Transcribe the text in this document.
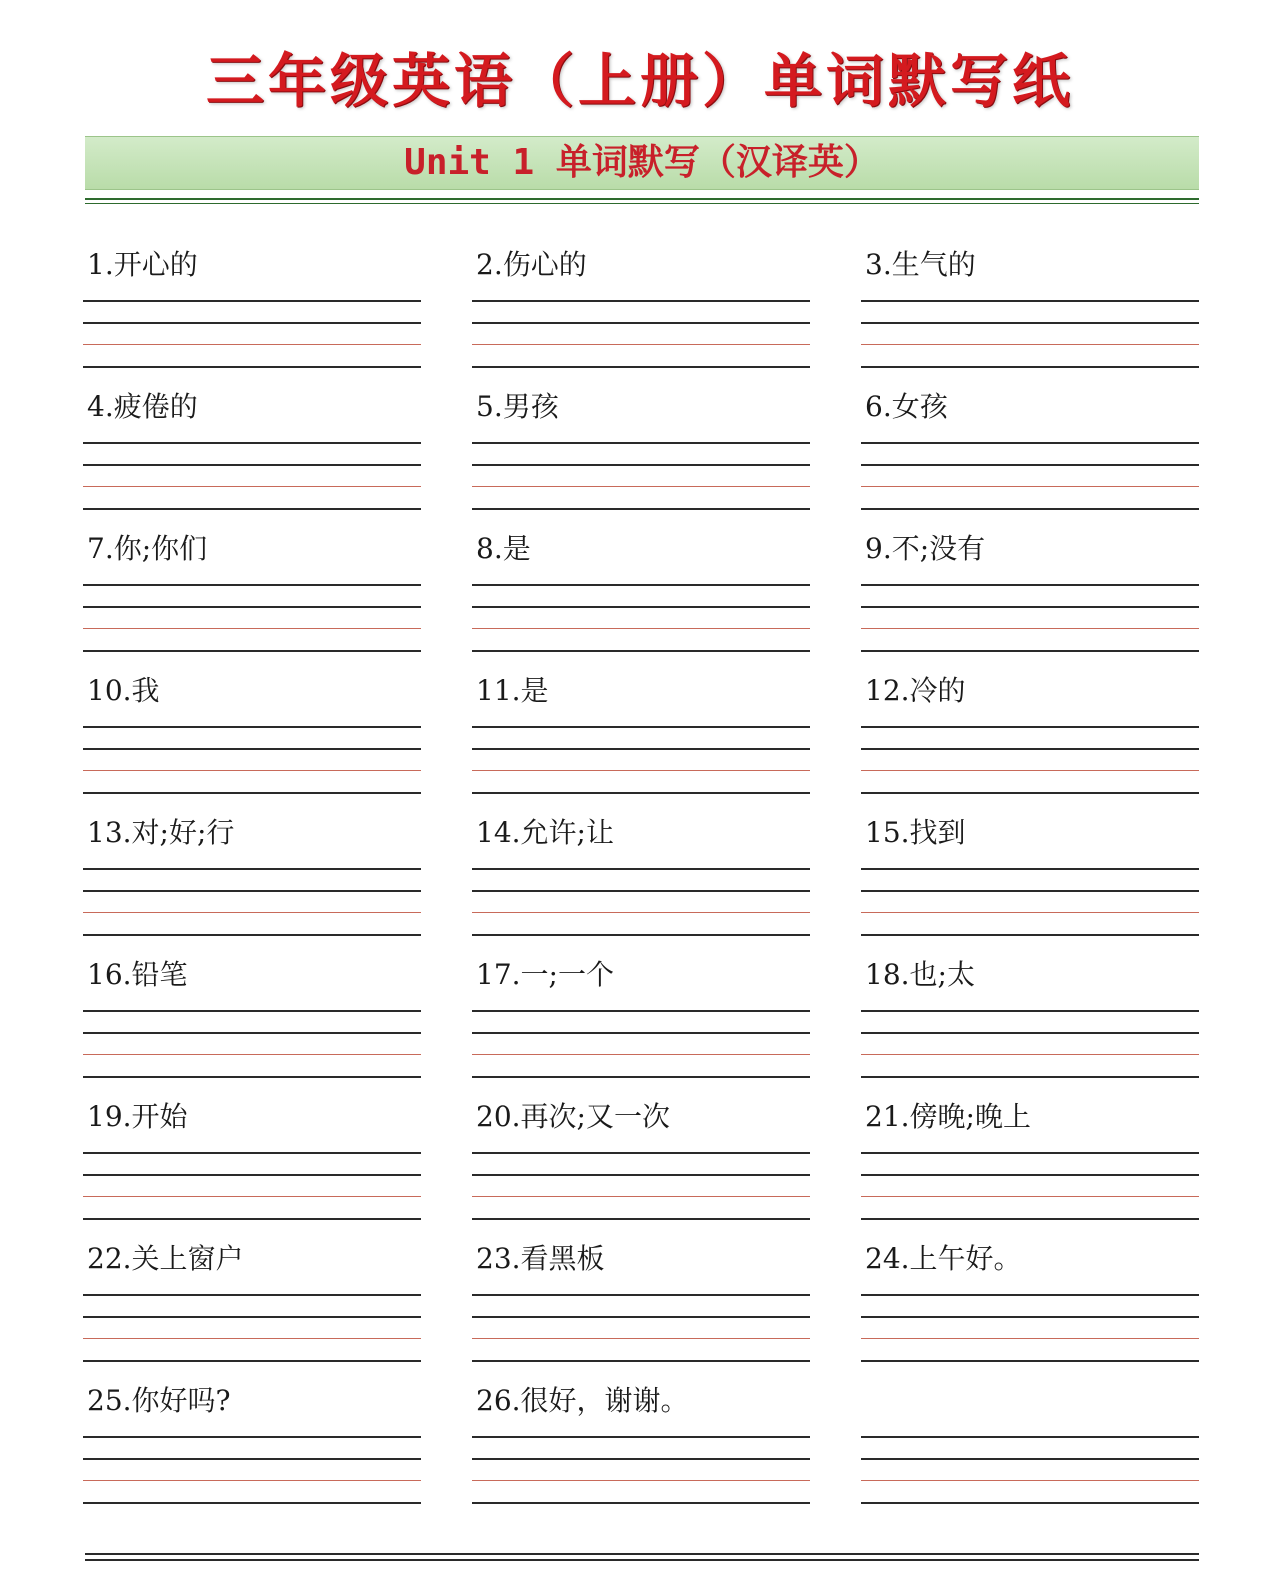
三年级英语（上册）单词默写纸
Unit 1 单词默写（汉译英）
1.开心的	2.伤心的	3.生气的
4.疲倦的	5.男孩	6.女孩
7.你;你们	8.是	9.不;没有
10.我	11.是	12.冷的
13.对;好;行	14.允许;让	15.找到
16.铅笔	17.一;一个	18.也;太
19.开始	20.再次;又一次	21.傍晚;晚上
22.关上窗户	23.看黑板	24.上午好。
25.你好吗?	26.很好，谢谢。
